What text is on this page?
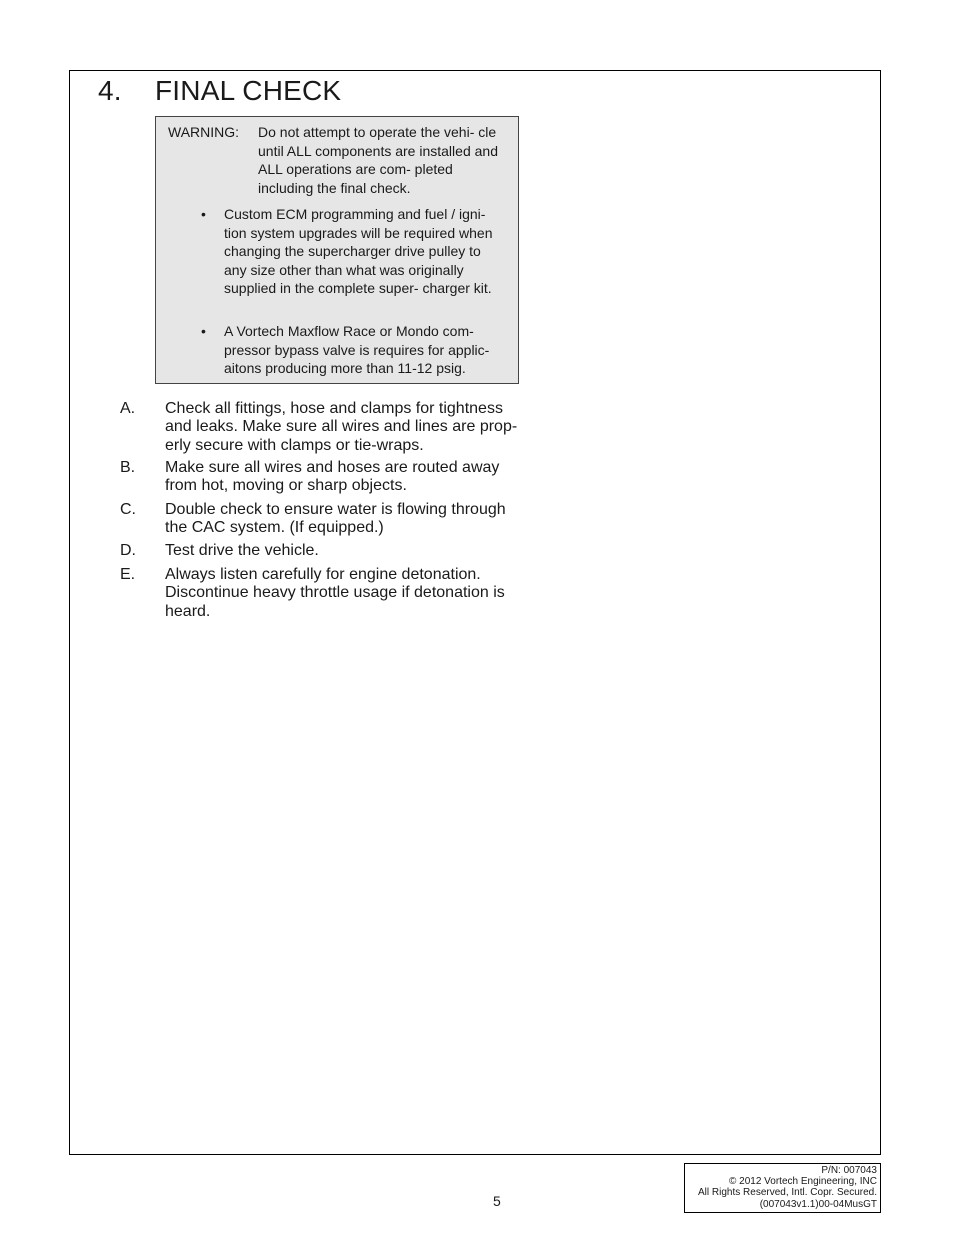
4. FINAL CHECK
WARNING: Do not attempt to operate the vehi- cle until ALL components are installed and ALL operations are com- pleted including the final check.
• Custom ECM programming and fuel / igni- tion system upgrades will be required when changing the supercharger drive pulley to any size other than what was originally supplied in the complete super- charger kit.
• A Vortech Maxflow Race or Mondo com- pressor bypass valve is requires for applic- aitons producing more than 11-12 psig.
A. Check all fittings, hose and clamps for tightness and leaks. Make sure all wires and lines are prop- erly secure with clamps or tie-wraps.
B. Make sure all wires and hoses are routed away from hot, moving or sharp objects.
C. Double check to ensure water is flowing through the CAC system. (If equipped.)
D. Test drive the vehicle.
E. Always listen carefully for engine detonation. Discontinue heavy throttle usage if detonation is heard.
5
P/N: 007043
© 2012 Vortech Engineering, INC
All Rights Reserved, Intl. Copr. Secured.
(007043v1.1)00-04MusGT
